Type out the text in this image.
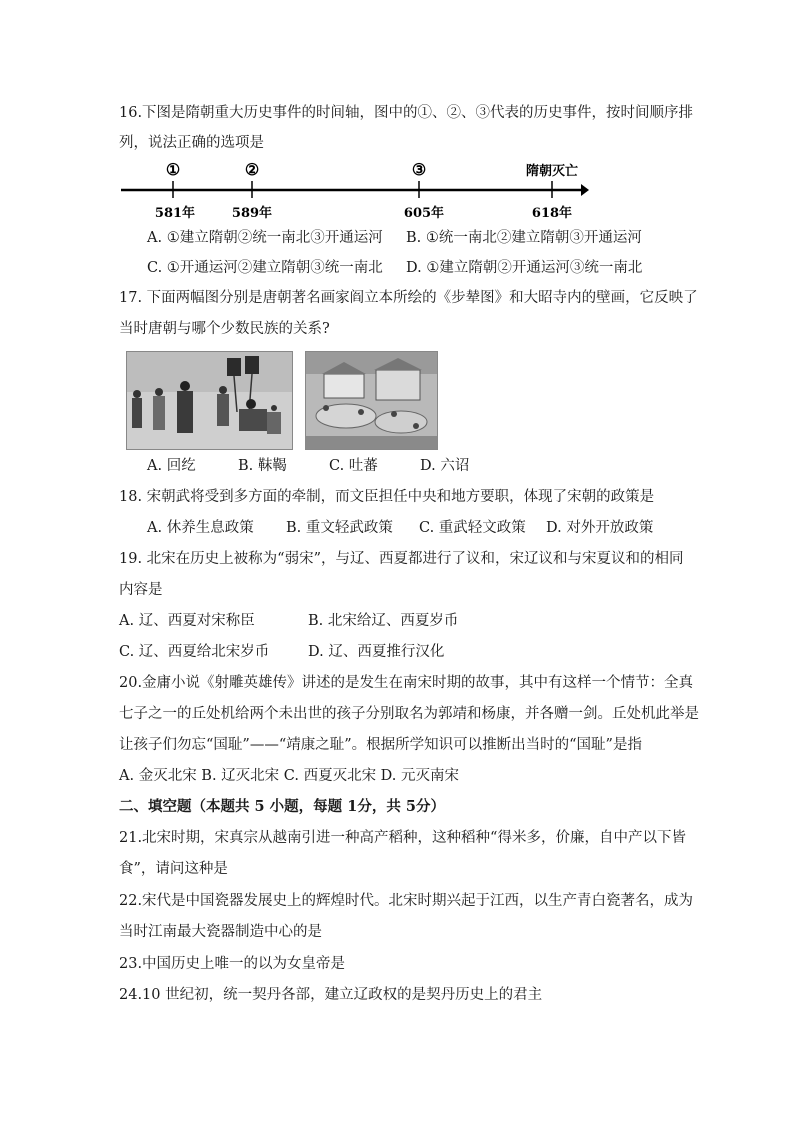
16.下图是隋朝重大历史事件的时间轴，图中的①、②、③代表的历史事件，按时间顺序排
列，说法正确的选项是
①	②	③	隋朝灭亡
581年	589年	605年	618年
A. ①建立隋朝②统一南北③开通运河 B. ①统一南北②建立隋朝③开通运河
C. ①开通运河②建立隋朝③统一南北 D. ①建立隋朝②开通运河③统一南北
17. 下面两幅图分别是唐朝著名画家阎立本所绘的《步辇图》和大昭寺内的壁画，它反映了
当时唐朝与哪个少数民族的关系?
A. 回纥	B. 靺鞨	C. 吐蕃	D. 六诏
18. 宋朝武将受到多方面的牵制，而文臣担任中央和地方要职，体现了宋朝的政策是
A. 休养生息政策 B. 重文轻武政策 C. 重武轻文政策 D. 对外开放政策
19. 北宋在历史上被称为“弱宋”，与辽、西夏都进行了议和，宋辽议和与宋夏议和的相同
内容是
A. 辽、西夏对宋称臣	B. 北宋给辽、西夏岁币
C. 辽、西夏给北宋岁币	D. 辽、西夏推行汉化
20.金庸小说《射雕英雄传》讲述的是发生在南宋时期的故事，其中有这样一个情节：全真
七子之一的丘处机给两个未出世的孩子分别取名为郭靖和杨康，并各赠一剑。丘处机此举是
让孩子们勿忘“国耻”——“靖康之耻”。根据所学知识可以推断出当时的“国耻”是指
A. 金灭北宋 B. 辽灭北宋 C. 西夏灭北宋 D. 元灭南宋
二、填空题（本题共 5 小题，每题 1分，共 5分）
21.北宋时期，宋真宗从越南引进一种高产稻种，这种稻种“得米多，价廉，自中产以下皆
食”，请问这种是
22.宋代是中国瓷器发展史上的辉煌时代。北宋时期兴起于江西，以生产青白瓷著名，成为
当时江南最大瓷器制造中心的是
23.中国历史上唯一的以为女皇帝是
24.10 世纪初，统一契丹各部，建立辽政权的是契丹历史上的君主
